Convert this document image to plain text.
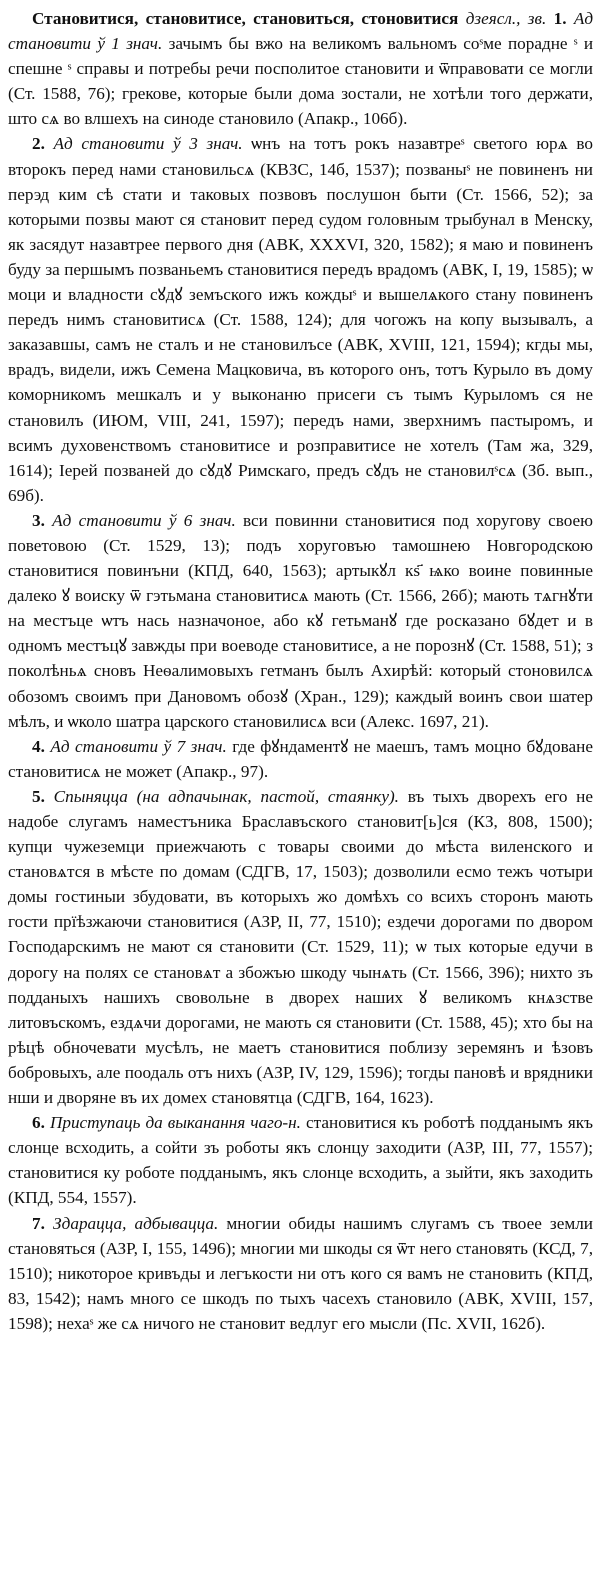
Становитися, становитисе, становиться, стоновитися дзеясл., зв. 1. Ад становити ў 1 знач. зачымъ бы вжо на великомъ вальномъ соˢме порадне ˢ и спешне ˢ справы и потребы речи посполитое становити и ѿправовати се могли (Ст. 1588, 76); грекове, которые были дома зостали, не хотѣли того держати, што сѧ во влшехъ на синоде становило (Апакр., 106б).

2. Ад становити ў 3 знач. ѡнъ на тотъ рокъ назавтреˢ светого юрѧ во второкъ перед нами становильсѧ (КВЗС, 14б, 1537); позваныˢ не повиненъ ни перэд ким сѣ стати и таковых позвовъ послушон быти (Ст. 1566, 52); за которыми позвы мают ся становит перед судом головным трыбунал в Менску, як засядут назавтрее первого дня (АВК, XXXVI, 320, 1582); я маю и повиненъ буду за першымъ позваньемъ становитися передъ врадомъ (АВК, I, 19, 1585); ѡ моци и владности сꙋдꙋ земъского ижъ кождыˢ и вышелѧкого стану повиненъ передъ нимъ становитисѧ (Ст. 1588, 124); для чогожъ на копу вызывалъ, а заказавшы, самъ не сталъ и не становилъсе (АВК, XVIII, 121, 1594); кгды мы, врадъ, видели, ижъ Семена Мацковича, въ которого онъ, тотъ Курыло въ дому коморникомъ мешкалъ и у выконаню присеги съ тымъ Курыломъ ся не становилъ (ИЮМ, VIII, 241, 1597); передъ нами, зверхнимъ пастыромъ, и всимъ духовенствомъ становитисе и розправитисе не хотелъ (Там жа, 329, 1614); Іерей позваней до сꙋдꙋ Римскаго, предъ сꙋдъ не становилˢсѧ (Зб. вып., 69б).

3. Ад становити ў 6 знач. вси повинни становитися под хоругову своею поветовою (Ст. 1529, 13); подъ хоруговъю тамошнею Новгородскою становитися повинъни (КПД, 640, 1563); артыкꙋл кѕ҃ ѩко воине повинные далеко ꙋ воиску ѿ гэтьмана становитисѧ мають (Ст. 1566, 26б); мають тѧгнꙋти на местъце ѡтъ нась назначоное, або кꙋ гетьманꙋ где росказано бꙋдет и в одномъ местъцꙋ завжды при воеводе становитисе, а не порознꙋ (Ст. 1588, 51); з поколѣньѧ сновъ Неѳалимовыхъ гетманъ былъ Ахирѣй: который стоновилсѧ обозомъ своимъ при Дановомъ обозꙋ (Хран., 129); каждый воинъ свои шатер мѣлъ, и ѡколо шатра царского становилисѧ вси (Алекс. 1697, 21).

4. Ад становити ў 7 знач. где фꙋндаментꙋ не маешъ, тамъ моцно бꙋдоване становитисѧ не может (Апакр., 97).

5. Спыняцца (на адпачынак, пастой, стаянку). въ тыхъ дворехъ его не надобе слугамъ наместъника Браславъского становит[ь]ся (КЗ, 808, 1500); купци чужеземци приежчають с товары своими до мѣста виленского и становѧтся в мѣсте по домам (СДГВ, 17, 1503); дозволили есмо тежъ чотыри домы гостиныи збудовати, въ которыхъ жо домѣхъ со всихъ сторонъ мають гости прїѣзжаючи становитися (АЗР, II, 77, 1510); ездечи дорогами по двором Господарскимъ не мают ся становити (Ст. 1529, 11); ѡ тых которые едучи в дорогу на полях се становѧт а збожъю шкоду чынѧть (Ст. 1566, 396); нихто зъ подданыхъ нашихъ свовольне в дворех наших ꙋ великомъ кнѧзстве литовъскомъ, ездѧчи дорогами, не мають ся становити (Ст. 1588, 45); хто бы на рѣцѣ обночевати мусѣлъ, не маетъ становитися поблизу зеремянъ и ѣзовъ бобровыхъ, але поодаль отъ нихъ (АЗР, IV, 129, 1596); тогды пановѣ и врядники нши и дворяне въ их домех становятца (СДГВ, 164, 1623).

6. Приступаць да выканання чаго-н. становитися къ роботѣ подданымъ якъ слонце всходить, а сойти зъ роботы якъ слонцу заходити (АЗР, III, 77, 1557); становитися ку роботе подданымъ, якъ слонце всходить, а зыйти, якъ заходить (КПД, 554, 1557).

7. Здарацца, адбывацца. многии обиды нашимъ слугамъ съ твоее земли становяться (АЗР, I, 155, 1496); многии ми шкоды ся ѿт него становять (КСД, 7, 1510); никоторое кривъды и легъкости ни отъ кого ся вамъ не становить (КПД, 83, 1542); намъ много се шкодъ по тыхъ часехъ становило (АВК, XVIII, 157, 1598); нехаˢ же сѧ ничого не становит ведлуг его мысли (Пс. XVII, 162б).
